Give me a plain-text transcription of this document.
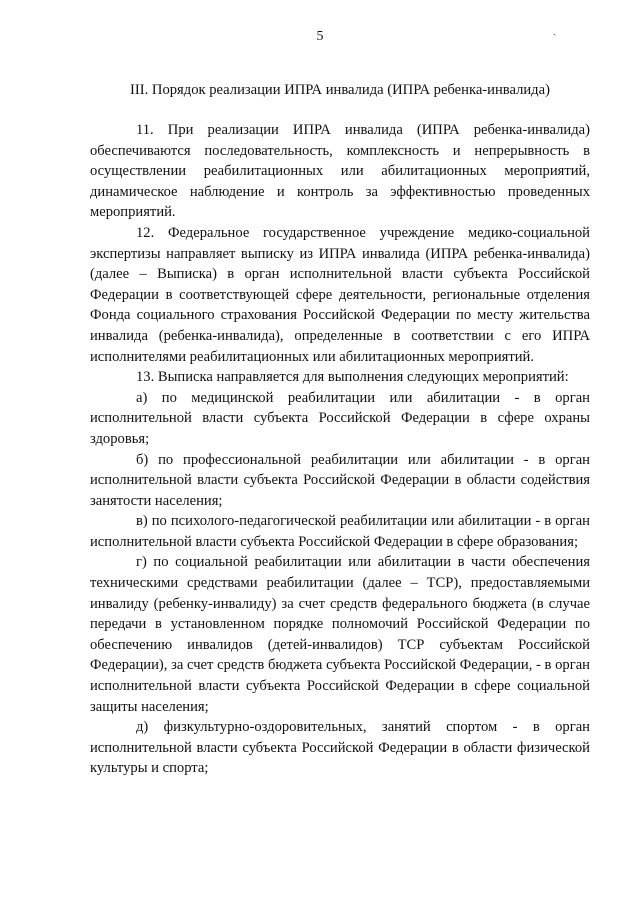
5	ˏ

III. Порядок реализации ИПРА инвалида (ИПРА ребенка-инвалида)

11. При реализации ИПРА инвалида (ИПРА ребенка-инвалида) обеспечиваются последовательность, комплексность и непрерывность в осуществлении реабилитационных или абилитационных мероприятий, динамическое наблюдение и контроль за эффективностью проведенных мероприятий.

12. Федеральное государственное учреждение медико-социальной экспертизы направляет выписку из ИПРА инвалида (ИПРА ребенка-инвалида) (далее – Выписка) в орган исполнительной власти субъекта Российской Федерации в соответствующей сфере деятельности, региональные отделения Фонда социального страхования Российской Федерации по месту жительства инвалида (ребенка-инвалида), определенные в соответствии с его ИПРА исполнителями реабилитационных или абилитационных мероприятий.

13. Выписка направляется для выполнения следующих мероприятий:

а) по медицинской реабилитации или абилитации - в орган исполнительной власти субъекта Российской Федерации в сфере охраны здоровья;

б) по профессиональной реабилитации или абилитации - в орган исполнительной власти субъекта Российской Федерации в области содействия занятости населения;

в) по психолого-педагогической реабилитации или абилитации - в орган исполнительной власти субъекта Российской Федерации в сфере образования;

г) по социальной реабилитации или абилитации в части обеспечения техническими средствами реабилитации (далее – ТСР), предоставляемыми инвалиду (ребенку-инвалиду) за счет средств федерального бюджета (в случае передачи в установленном порядке полномочий Российской Федерации по обеспечению инвалидов (детей-инвалидов) ТСР субъектам Российской Федерации), за счет средств бюджета субъекта Российской Федерации, - в орган исполнительной власти субъекта Российской Федерации в сфере социальной защиты населения;

д) физкультурно-оздоровительных, занятий спортом - в орган исполнительной власти субъекта Российской Федерации в области физической культуры и спорта;
